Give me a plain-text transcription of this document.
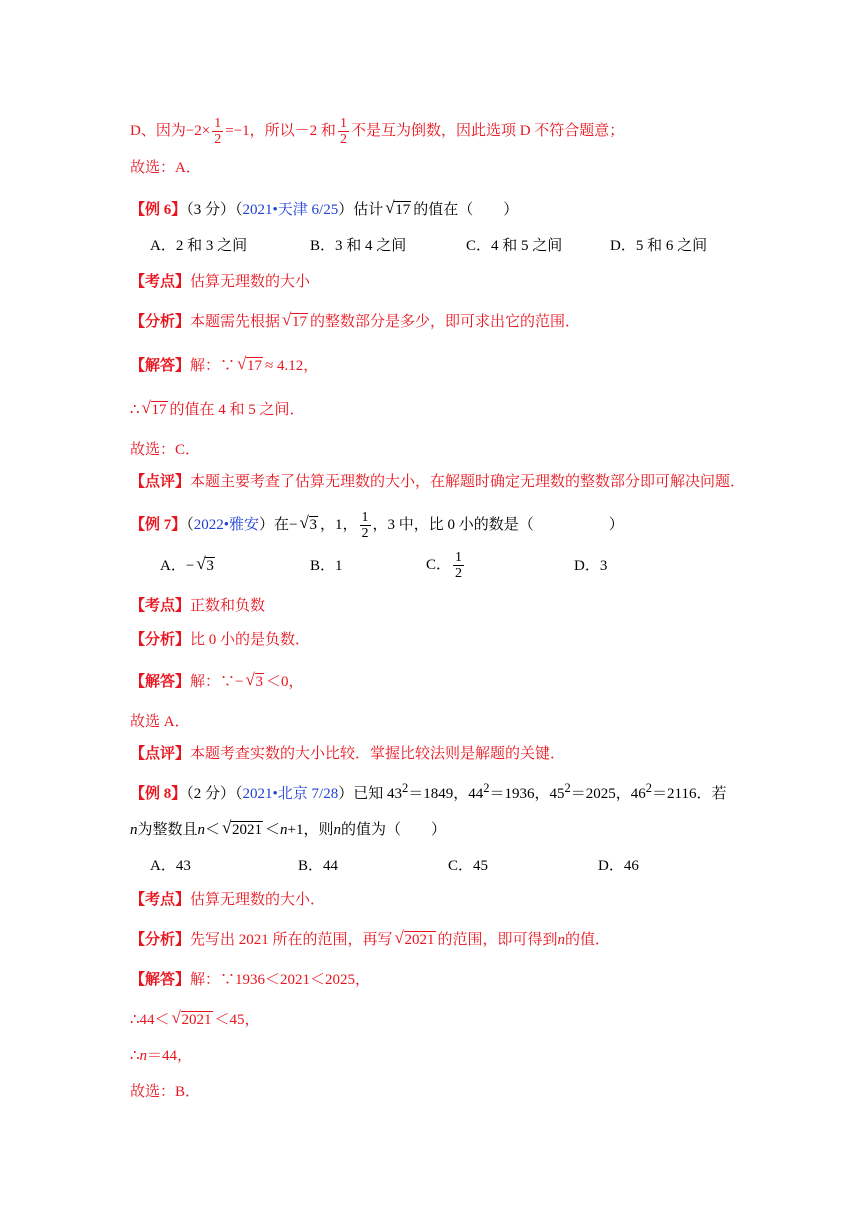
D、因为$-2\times \frac{1}{2} =-1$，所以－2 和 $\frac{1}{2}$ 不是互为倒数，因此选项 D 不符合题意；
故选：A．
【例 6】（3 分）（2021•天津 6/25）估计 √ 17 的值在（　　）
A．2 和 3 之间	B．3 和 4 之间	C．4 和 5 之间	D．5 和 6 之间
【考点】估算无理数的大小
【分析】本题需先根据 √ 17 的整数部分是多少，即可求出它的范围．
【解答】解：∵ √ 17 ≈ 4.12，
∴ √ 17 的值在 4 和 5 之间．
故选：C．
【点评】本题主要考查了估算无理数的大小，在解题时确定无理数的整数部分即可解决问题．
【例 7】（2022•雅安）在− √ 3 ，1， $\frac{1}{2}$ ，3 中，比 0 小的数是（　　　　　）
A．− √ 3	B．1	C． $\frac{1}{2}$	D．3
【考点】正数和负数
【分析】比 0 小的是负数．
【解答】解：∵− √ 3 ＜0，
故选 A．
【点评】本题考查实数的大小比较．掌握比较法则是解题的关键．
【例 8】（2 分）（2021•北京 7/28）已知 $43^2=1849$，$44^2=1936$，$45^2=2025$，$46^2=2116$．若
n为整数且n＜ √ 2021 ＜n+1，则n的值为（　　）
A．43	B．44	C．45	D．46
【考点】估算无理数的大小．
【分析】先写出 2021 所在的范围，再写 √ 2021 的范围，即可得到n的值．
【解答】解：∵1936＜2021＜2025，
∴44＜ √ 2021 ＜45，
∴n＝44，
故选：B．
